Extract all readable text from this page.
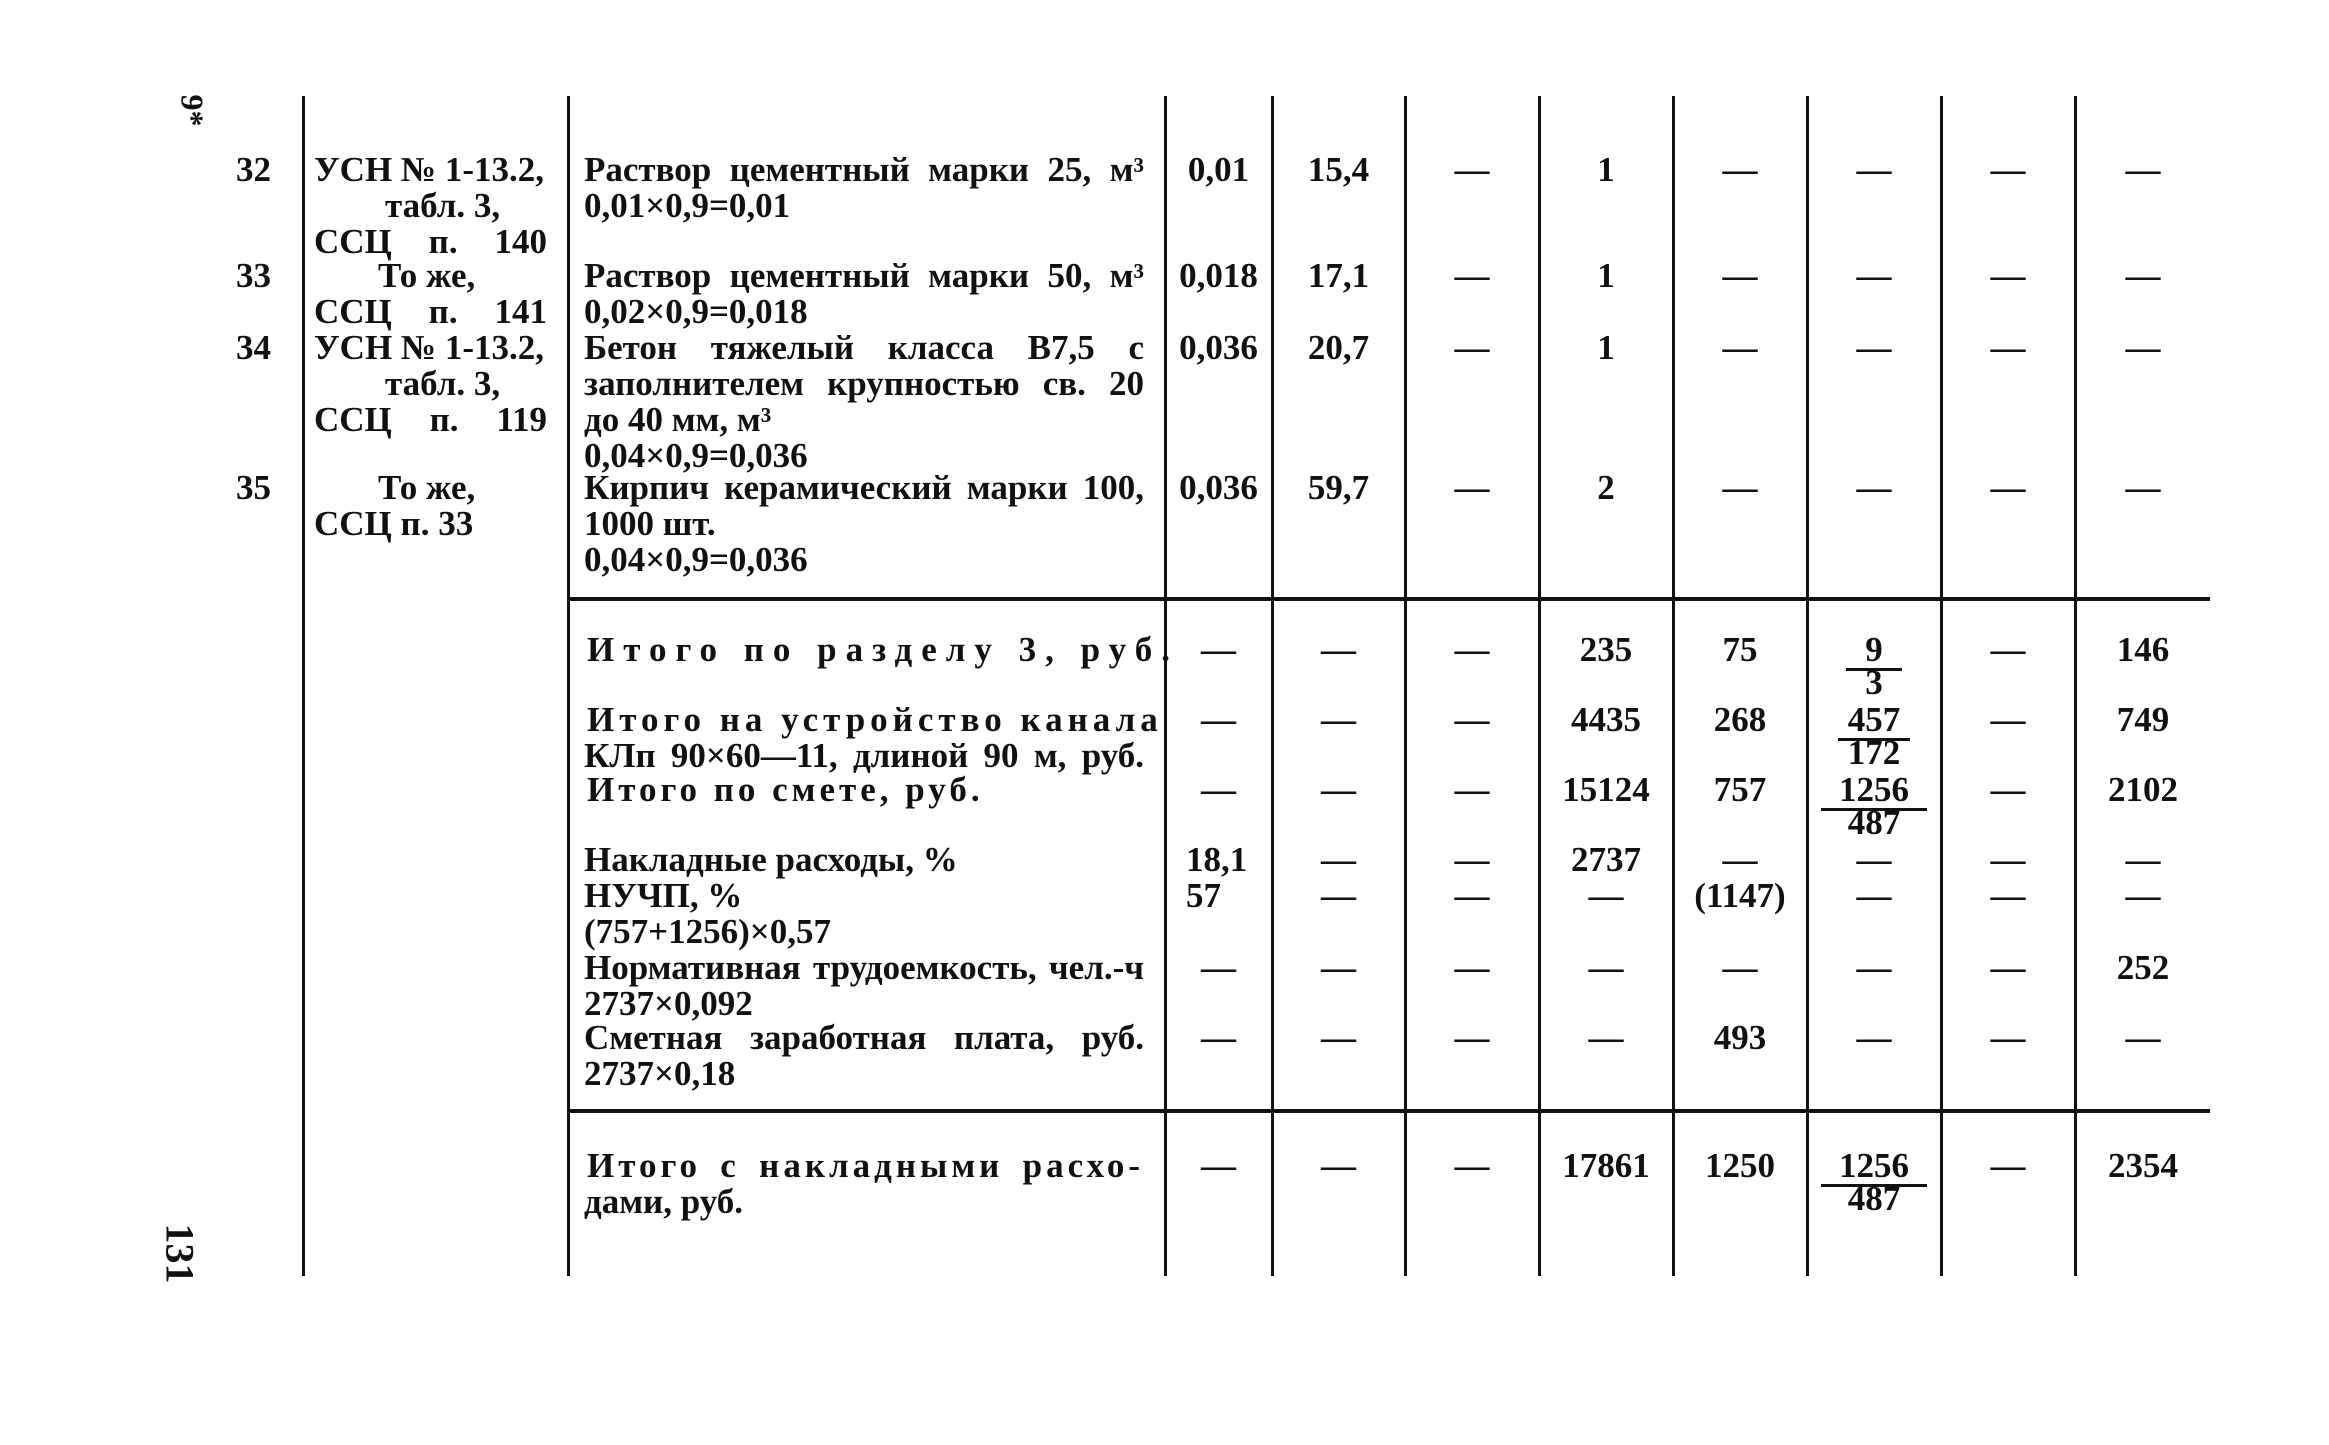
9*
131
32 УСН № 1-13.2,
табл. 3,
ССЦ п. 140
Раствор цементный марки 25, м³
0,01×0,9=0,01
0,01	15,4	—	1	—	—	—	—
33	То же,
ССЦ п. 141
Раствор цементный марки 50, м³
0,02×0,9=0,018
0,018	17,1	—	1	—	—	—	—
34 УСН № 1-13.2,
табл. 3,
ССЦ п. 119
Бетон тяжелый класса В7,5 с
заполнителем крупностью св. 20
до 40 мм, м³
0,04×0,9=0,036
0,036	20,7	—	1	—	—	—	—
35	То же,
ССЦ п. 33
Кирпич керамический марки 100,
1000 шт.
0,04×0,9=0,036
0,036	59,7	—	2	—	—	—	—
Итого по разделу 3, руб. —	—	—	235	75	9
3
—	146
Итого на устройство канала
КЛп 90×60—11, длиной 90 м, руб.
—	—	—	4435	268	457
172
—	749
Итого по смете, руб.	—	—	—	15124	757	1256
487
—	2102
Накладные расходы, %	18,1	—	—	2737	—	—	—	—
НУЧП, %
(757+1256)×0,57
57	—	—	—	(1147)	—	—	—
Нормативная трудоемкость, чел.-ч
2737×0,092
—	—	—	—	—	—	—	252
Сметная заработная плата, руб.
2737×0,18
—	—	—	—	493	—	—	—
Итого с накладными расхо-
дами, руб.
—	—	—	17861	1250	1256
487
—	2354
